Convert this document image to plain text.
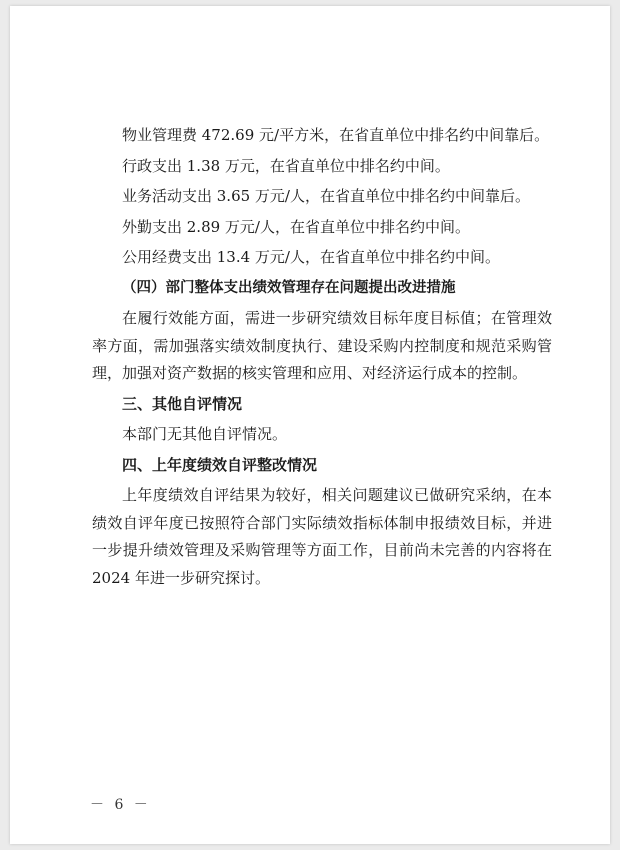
物业管理费 472.69 元/平方米，在省直单位中排名约中间靠后。

行政支出 1.38 万元，在省直单位中排名约中间。

业务活动支出 3.65 万元/人，在省直单位中排名约中间靠后。

外勤支出 2.89 万元/人，在省直单位中排名约中间。

公用经费支出 13.4 万元/人，在省直单位中排名约中间。

（四）部门整体支出绩效管理存在问题提出改进措施

在履行效能方面，需进一步研究绩效目标年度目标值；在管理效率方面，需加强落实绩效制度执行、建设采购内控制度和规范采购管理，加强对资产数据的核实管理和应用、对经济运行成本的控制。

三、其他自评情况

本部门无其他自评情况。

四、上年度绩效自评整改情况

上年度绩效自评结果为较好，相关问题建议已做研究采纳，在本绩效自评年度已按照符合部门实际绩效指标体制申报绩效目标，并进一步提升绩效管理及采购管理等方面工作，目前尚未完善的内容将在 2024 年进一步研究探讨。

－ 6 －
